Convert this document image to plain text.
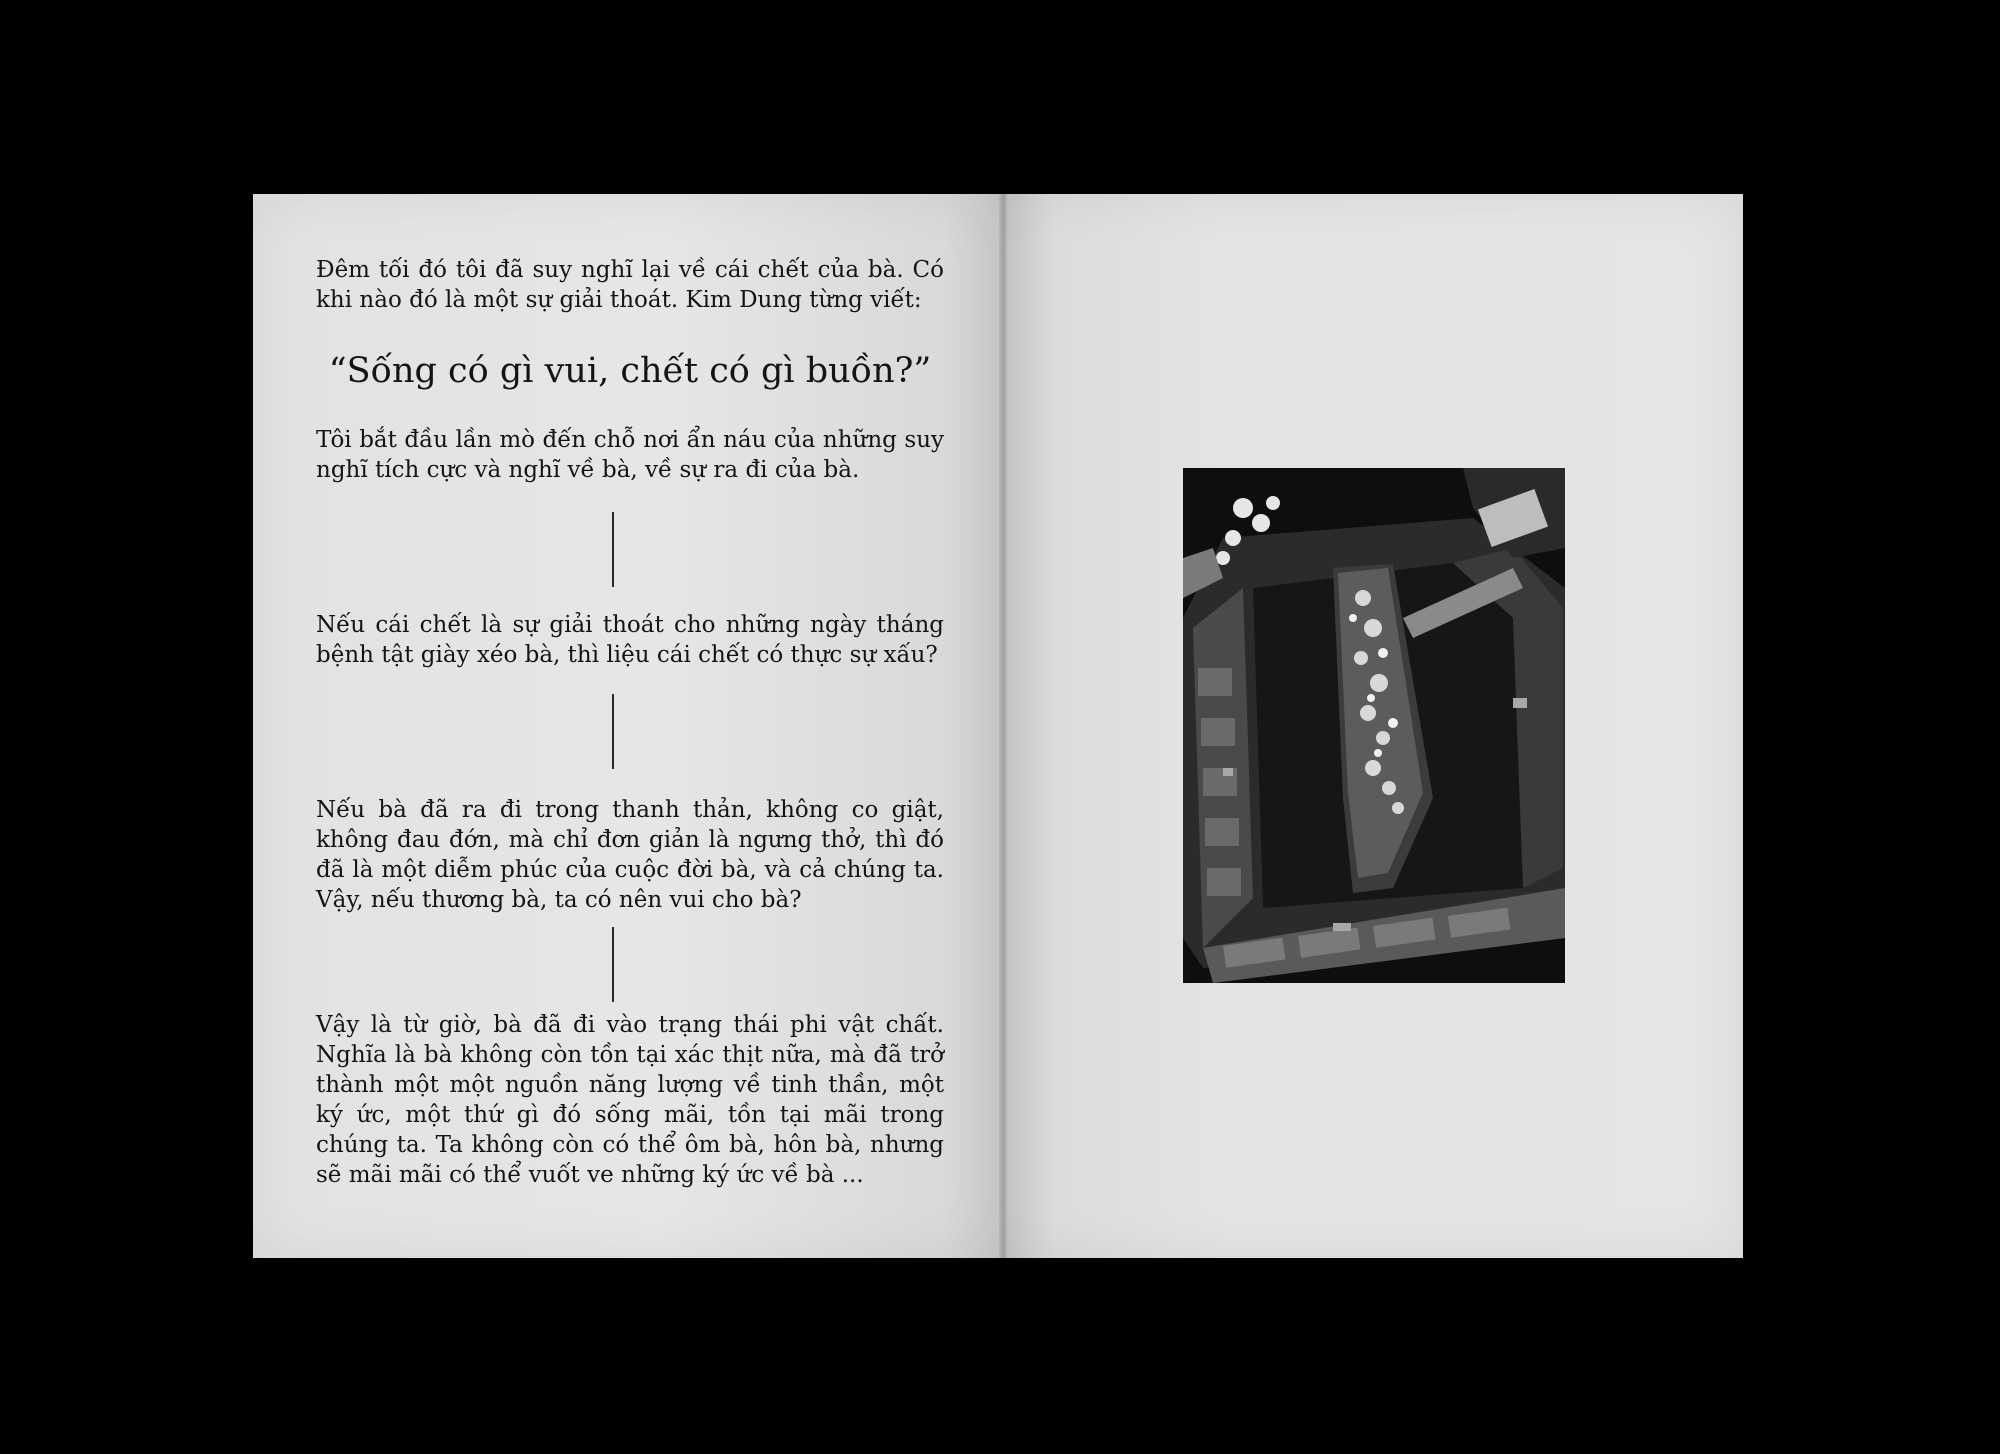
Đêm tối đó tôi đã suy nghĩ lại về cái chết của bà. Có khi nào đó là một sự giải thoát. Kim Dung từng viết:

“Sống có gì vui, chết có gì buồn?”

Tôi bắt đầu lần mò đến chỗ nơi ẩn náu của những suy nghĩ tích cực và nghĩ về bà, về sự ra đi của bà.

Nếu cái chết là sự giải thoát cho những ngày tháng bệnh tật giày xéo bà, thì liệu cái chết có thực sự xấu?

Nếu bà đã ra đi trong thanh thản, không co giật, không đau đớn, mà chỉ đơn giản là ngưng thở, thì đó đã là một diễm phúc của cuộc đời bà, và cả chúng ta. Vậy, nếu thương bà, ta có nên vui cho bà?

Vậy là từ giờ, bà đã đi vào trạng thái phi vật chất. Nghĩa là bà không còn tồn tại xác thịt nữa, mà đã trở thành một một nguồn năng lượng về tinh thần, một ký ức, một thứ gì đó sống mãi, tồn tại mãi trong chúng ta. Ta không còn có thể ôm bà, hôn bà, nhưng sẽ mãi mãi có thể vuốt ve những ký ức về bà ...
